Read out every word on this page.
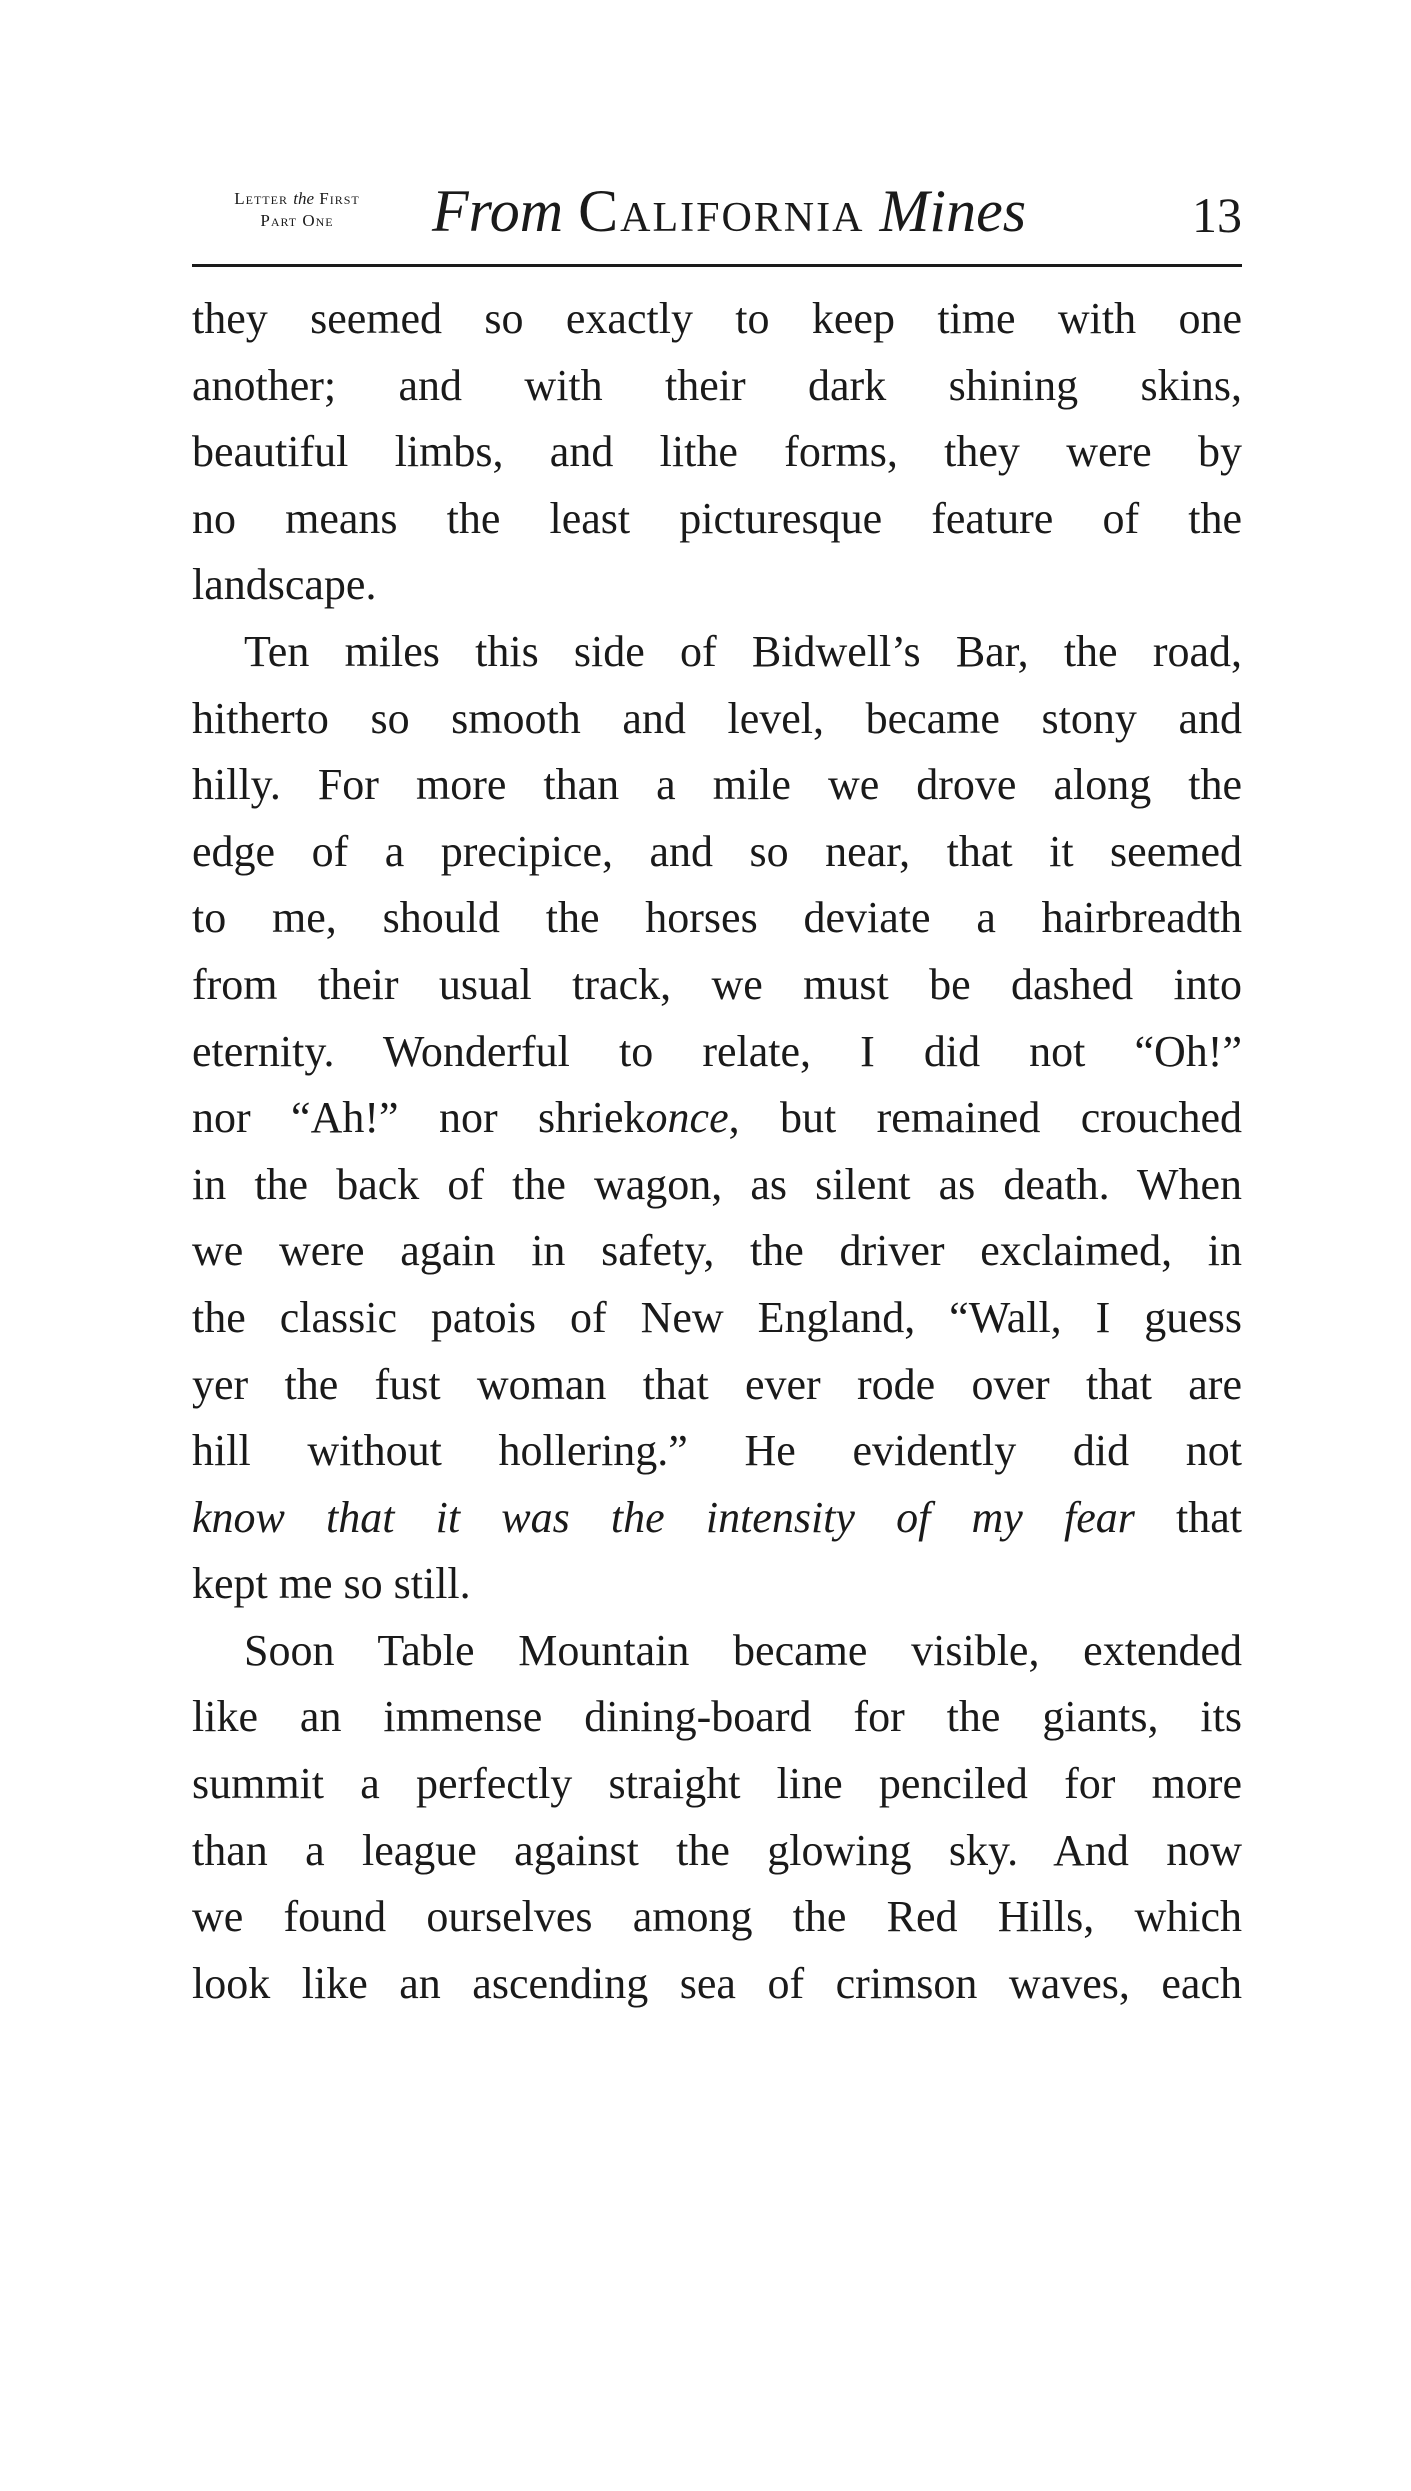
Letter the First
Part One	From California Mines	13
they seemed so exactly to keep time with one
another; and with their dark shining skins,
beautiful limbs, and lithe forms, they were by
no means the least picturesque feature of the
landscape.
Ten miles this side of Bidwell’s Bar, the road,
hitherto so smooth and level, became stony and
hilly. For more than a mile we drove along the
edge of a precipice, and so near, that it seemed
to me, should the horses deviate a hairbreadth
from their usual track, we must be dashed into
eternity. Wonderful to relate, I did not “Oh!”
nor “Ah!” nor shriekonce, but remained crouched
in the back of the wagon, as silent as death. When
we were again in safety, the driver exclaimed, in
the classic patois of New England, “Wall, I guess
yer the fust woman that ever rode over that are
hill without hollering.” He evidently did not
know that it was the intensity of my fear that
kept me so still.
Soon Table Mountain became visible, extended
like an immense dining-board for the giants, its
summit a perfectly straight line penciled for more
than a league against the glowing sky. And now
we found ourselves among the Red Hills, which
look like an ascending sea of crimson waves, each
